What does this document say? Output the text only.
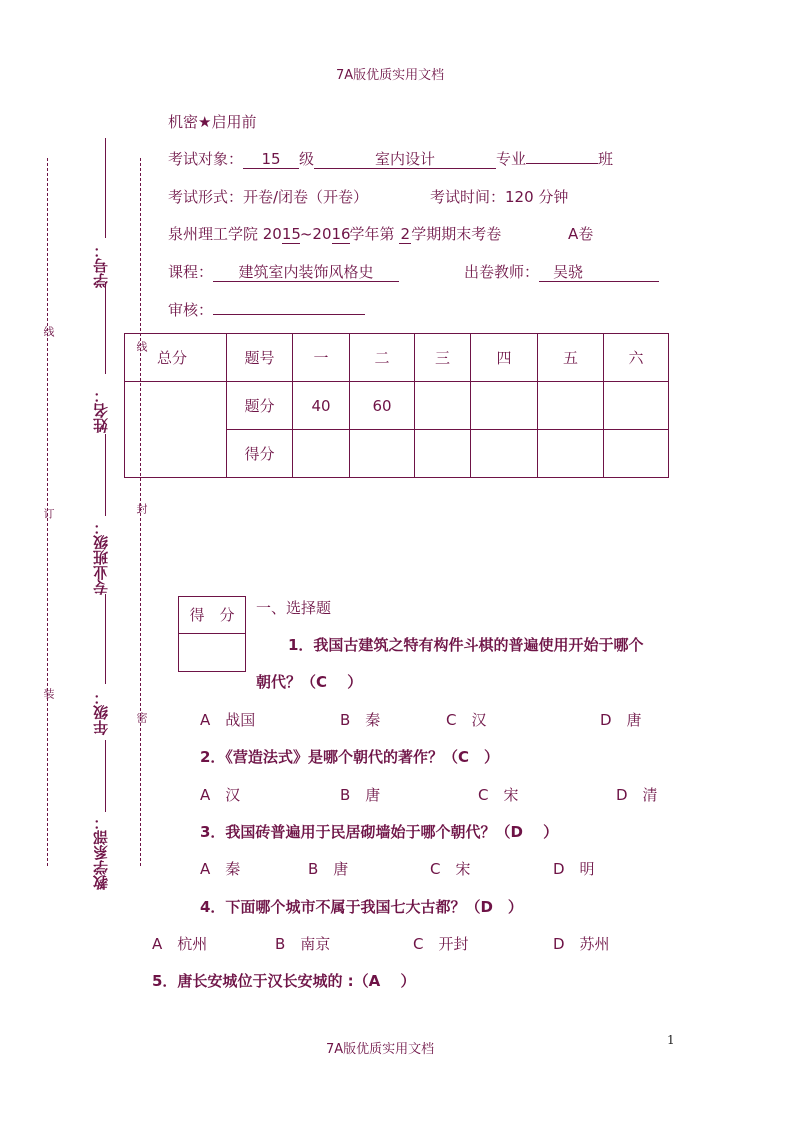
7A版优质实用文档
7A版优质实用文档
1
学号：
姓名：
专业班级：
年级：
教学系部：
线
订
装
线
封
密
机密★启用前
考试对象： 15 级	室内设计	专业	班
考试形式：开卷/闭卷（开卷）	考试时间：120 分钟
泉州理工学院 2015~2016学年第 2学期期末考卷	A卷
课程： 建筑室内装饰风格史	出卷教师： 吴骁
审核：
总分	题号	一	二	三	四	五	六
	题分	40	60				
	得分						
得　分	一、选择题
1．我国古建筑之特有构件斗棋的普遍使用开始于哪个
朝代？（C　 ）
A　战国	B　秦	C　汉	D　唐
2．《营造法式》是哪个朝代的著作？（C　）
A　汉	B　唐	C　宋	D　清
3．我国砖普遍用于民居砌墙始于哪个朝代？（D　 ）
A　秦	B　唐	C　宋	D　明
4．下面哪个城市不属于我国七大古都？（D　）
A　杭州	B　南京	C　开封	D　苏州
5．唐长安城位于汉长安城的 :（A　 ）
